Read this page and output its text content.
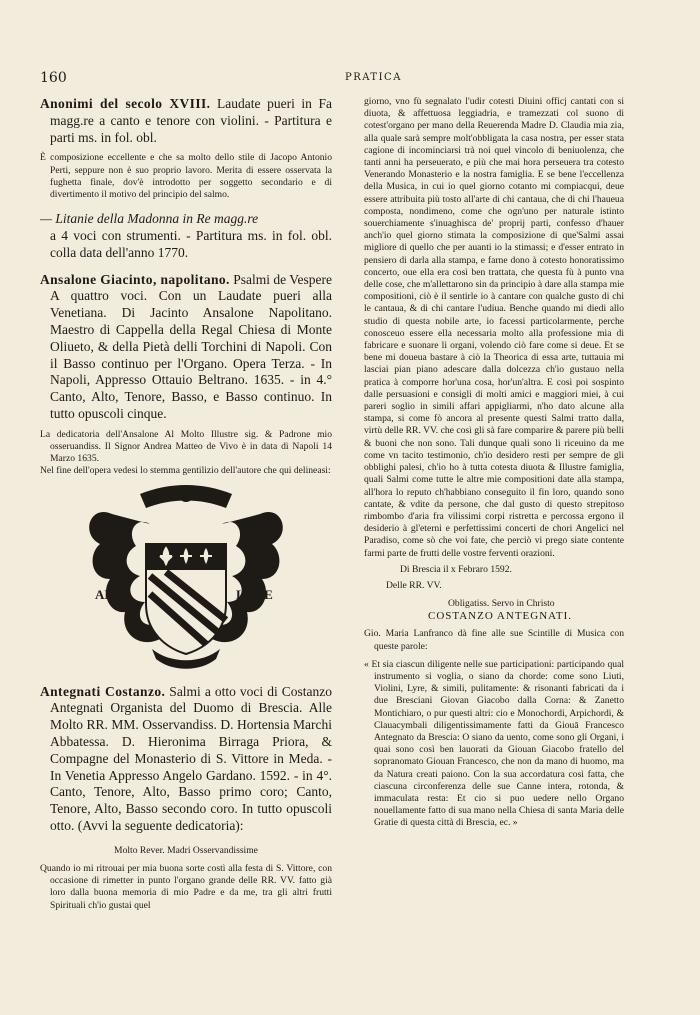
160	PRATICA

Anonimi del secolo XVIII. Laudate pueri in Fa magg.re a canto e tenore con violini. - Partitura e parti ms. in fol. obl.

È composizione eccellente e che sa molto dello stile di Jacopo Antonio Perti, seppure non è suo proprio lavoro. Merita di essere osservata la fughetta finale, dov'è introdotto per soggetto secondario e di divertimento il motivo del principio del salmo.

— Litanie della Madonna in Re magg.re

a 4 voci con strumenti. - Partitura ms. in fol. obl. colla data dell'anno 1770.

Ansalone Giacinto, napolitano. Psalmi de Vespere A quattro voci. Con un Laudate pueri alla Venetiana. Di Jacinto Ansalone Napolitano. Maestro di Cappella della Regal Chiesa di Monte Oliueto, & della Pietà delli Torchini di Napoli. Con il Basso continuo per l'Organo. Opera Terza. - In Napoli, Appresso Ottauio Beltrano. 1635. - in 4.° Canto, Alto, Tenore, Basso, e Basso continuo. In tutto opuscoli cinque.

La dedicatoria dell'Ansalone Al Molto Illustre sig. & Padrone mio osseruandiss. Il Signor Andrea Matteo de Vivo è in data di Napoli 14 Marzo 1635.

Nel fine dell'opera vedesi lo stemma gentilizio dell'autore che qui delineasi:

ANSA	LONE

Antegnati Costanzo. Salmi a otto voci di Costanzo Antegnati Organista del Duomo di Brescia. Alle Molto RR. MM. Osservandiss. D. Hortensia Marchi Abbatessa. D. Hieronima Birraga Priora, & Compagne del Monasterio di S. Vittore in Meda. - In Venetia Appresso Angelo Gardano. 1592. - in 4°. Canto, Tenore, Alto, Basso primo coro; Canto, Tenore, Alto, Basso secondo coro. In tutto opuscoli otto. (Avvi la seguente dedicatoria):

Molto Rever. Madri Osservandissime

Quando io mi ritrouai per mia buona sorte costì alla festa di S. Vittore, con occasione di rimetter in punto l'organo grande delle RR. VV. fatto già loro dalla buona memoria di mio Padre e da me, tra gli altri frutti Spirituali ch'io gustai quel

giorno, vno fù segnalato l'udir cotesti Diuini officj cantati con si diuota, & affettuosa leggiadria, e tramezzati col suono di cotest'organo per mano della Reuerenda Madre D. Claudia mia zia, alla quale sarà sempre molt'obbligata la casa nostra, per esser stata cagione di incominciarsi trà noi quel vincolo di beniuolenza, che tanti anni ha perseuerato, e più che mai hora perseuera tra cotesto Venerando Monasterio e la nostra famiglia. E se bene l'eccellenza della Musica, in cui io quel giorno cotanto mi compiacqui, deue essere attribuita più tosto all'arte di chi cantaua, che di chi l'haueua composta, nondimeno, come che ogn'uno per naturale istinto souerchiamente s'inuaghisca de' proprij parti, confesso d'hauer anch'io quel giorno stimata la composizione di que'Salmi assai migliore di quello che per auanti io la stimassi; e d'esser entrato in pensiero di darla alla stampa, e farne dono à cotesto honoratissimo concerto, oue ella era così ben trattata, che questa fù à punto vna delle cose, che m'allettarono sin da principio à dare alla stampa mie compositioni, ciò è il sentirle io à cantare con qualche gusto di chi le cantaua, & di chi cantare l'udiua. Benche quando mi diedi allo studio di questa nobile arte, io facessi particolarmente, perche conosceuo essere ella necessaria molto alla professione mia di fabricare e suonare li organi, volendo ciò fare come si deue. Et se bene mi doueua bastare à ciò la Theorica di essa arte, tuttauia mi lasciai pian piano adescare dalla dolcezza ch'io gustauo nella pratica à comporre hor'una cosa, hor'un'altra. E così poi sospinto dalle persuasioni e consigli di molti amici e maggiori miei, à cui pareri soglio in simili affari appigliarmi, n'ho dato alcune alla stampa, si come fò ancora al presente questi Salmi tratto dalla, virtù delle RR. VV. che così gli sà fare comparire & parere più belli & buoni che non sono. Tali dunque quali sono li riceuino da me come vn tacito testimonio, ch'io desidero resti per sempre de gli obblighi palesi, ch'io ho à tutta cotesta diuota & Illustre famiglia, quali Salmi come tutte le altre mie compositioni date alla stampa, all'hora lo reputo ch'habbiano conseguito il fin loro, quando sono cantate, & vdite da persone, che dal gusto di questo strepitoso rimbombo d'aria fra vilissimi corpi ristretta e percossa ergono il desiderio à gl'eterni e perfettissimi concerti de chori Angelici nel Paradiso, come sò che voi fate, che perciò vi prego siate contente farmi parte de frutti delle vostre ferventi orazioni.

Di Brescia il x Febraro 1592.

Delle RR. VV.

Obligatiss. Servo in Christo

COSTANZO ANTEGNATI.

Gio. Maria Lanfranco dà fine alle sue Scintille di Musica con queste parole:

« Et sia ciascun diligente nelle sue participationi: participando qual instrumento si voglia, o siano da chorde: come sono Liuti, Violini, Lyre, & simili, pulitamente: & risonanti fabricati da i due Bresciani Giovan Giacobo dalla Corna: & Zanetto Montichiaro, o pur questi altri: cio e Monochordi, Arpichordi, & Clauacymbali diligentissimamente fatti da Giouā Francesco Antegnato da Brescia: O siano da uento, come sono gli Organi, i quai sono così ben lauorati da Giouan Giacobo fratello del sopranomato Giouan Francesco, che non da mano di huomo, ma da Natura creati paiono. Con la sua accordatura così fatta, che ciascuna circonferenza delle sue Canne intera, rotonda, & immaculata resta: Et cio si puo uedere nello Organo nouellamente fatto di sua mano nella Chiesa di santa Maria delle Gratie di questa città di Brescia, ec. »
